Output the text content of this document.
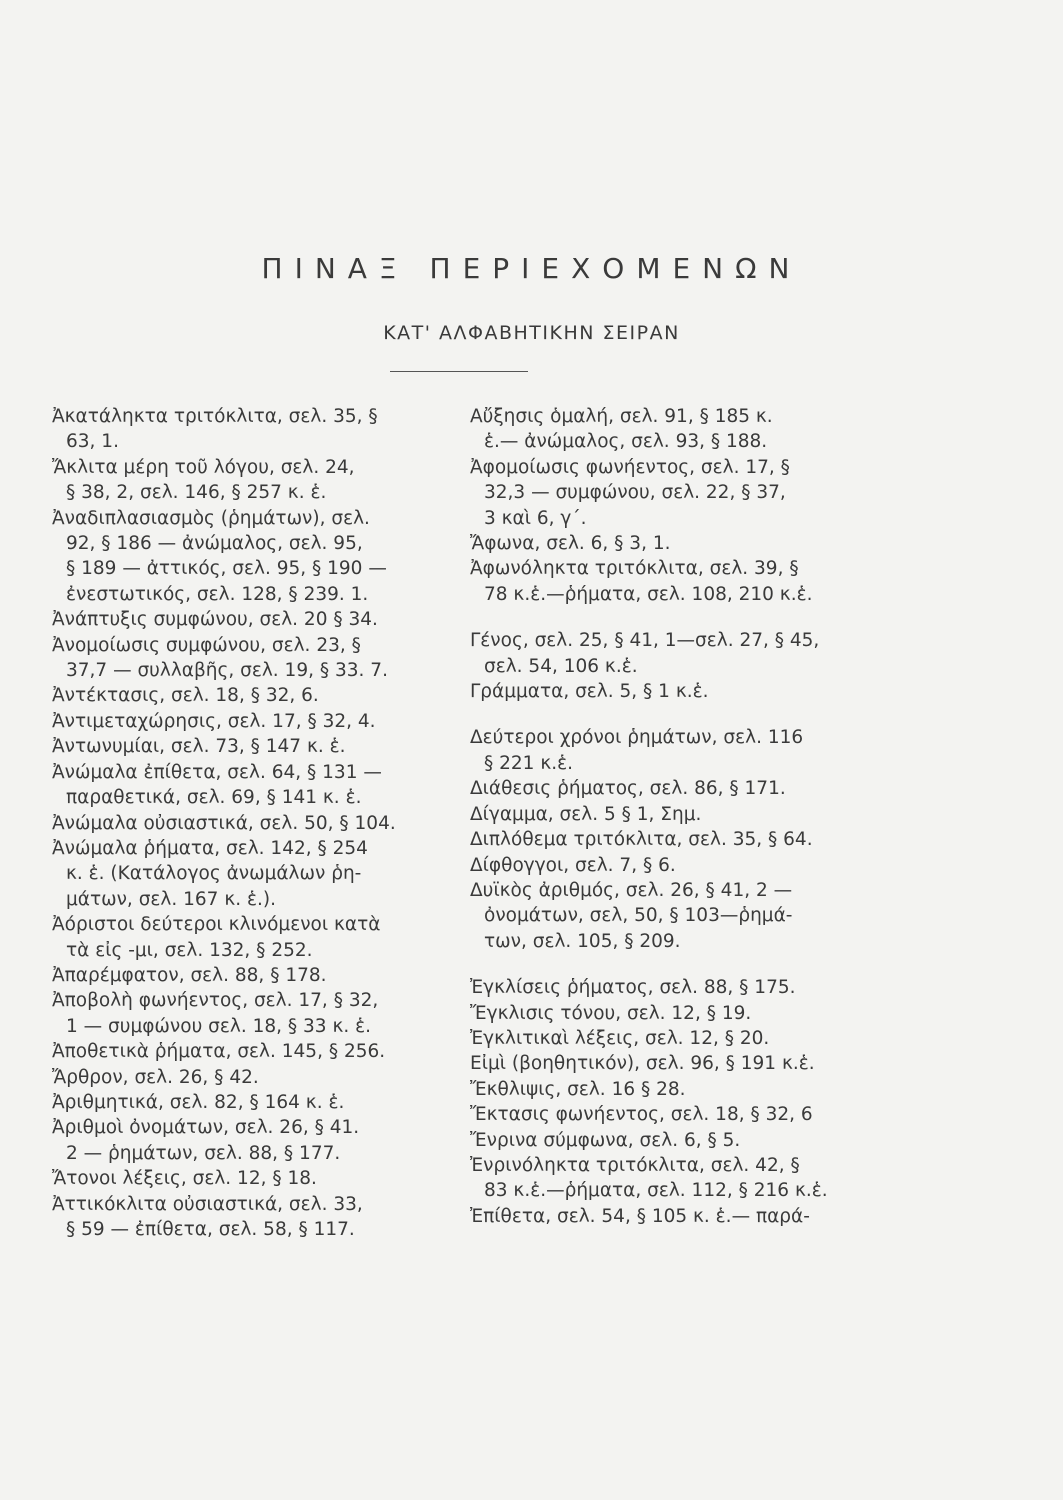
ΠΙΝΑΞ ΠΕΡΙΕΧΟΜΕΝΩΝ
ΚΑΤ' ΑΛΦΑΒΗΤΙΚΗΝ ΣΕΙΡΑΝ
Ἀκατάληκτα τριτόκλιτα, σελ. 35, §
63, 1.
Ἄκλιτα μέρη τοῦ λόγου, σελ. 24,
§ 38, 2, σελ. 146, § 257 κ. ἑ.
Ἀναδιπλασιασμὸς (ῥημάτων), σελ.
92, § 186 — ἀνώμαλος, σελ. 95,
§ 189 — ἀττικός, σελ. 95, § 190 —
ἐνεστωτικός, σελ. 128, § 239. 1.
Ἀνάπτυξις συμφώνου, σελ. 20 § 34.
Ἀνομοίωσις συμφώνου, σελ. 23, §
37,7 — συλλαβῆς, σελ. 19, § 33. 7.
Ἀντέκτασις, σελ. 18, § 32, 6.
Ἀντιμεταχώρησις, σελ. 17, § 32, 4.
Ἀντωνυμίαι, σελ. 73, § 147 κ. ἑ.
Ἀνώμαλα ἐπίθετα, σελ. 64, § 131 —
παραθετικά, σελ. 69, § 141 κ. ἑ.
Ἀνώμαλα οὐσιαστικά, σελ. 50, § 104.
Ἀνώμαλα ῥήματα, σελ. 142, § 254
κ. ἑ. (Κατάλογος ἀνωμάλων ῥη-
μάτων, σελ. 167 κ. ἑ.).
Ἀόριστοι δεύτεροι κλινόμενοι κατὰ
τὰ εἰς -μι, σελ. 132, § 252.
Ἀπαρέμφατον, σελ. 88, § 178.
Ἀποβολὴ φωνήεντος, σελ. 17, § 32,
1 — συμφώνου σελ. 18, § 33 κ. ἑ.
Ἀποθετικὰ ῥήματα, σελ. 145, § 256.
Ἄρθρον, σελ. 26, § 42.
Ἀριθμητικά, σελ. 82, § 164 κ. ἑ.
Ἀριθμοὶ ὀνομάτων, σελ. 26, § 41.
2 — ῥημάτων, σελ. 88, § 177.
Ἄτονοι λέξεις, σελ. 12, § 18.
Ἀττικόκλιτα οὐσιαστικά, σελ. 33,
§ 59 — ἐπίθετα, σελ. 58, § 117.
Αὔξησις ὁμαλή, σελ. 91, § 185 κ.
ἑ.— ἀνώμαλος, σελ. 93, § 188.
Ἀφομοίωσις φωνήεντος, σελ. 17, §
32,3 — συμφώνου, σελ. 22, § 37,
3 καὶ 6, γ΄.
Ἄφωνα, σελ. 6, § 3, 1.
Ἀφωνόληκτα τριτόκλιτα, σελ. 39, §
78 κ.ἑ.—ῥήματα, σελ. 108, 210 κ.ἑ.
Γένος, σελ. 25, § 41, 1—σελ. 27, § 45,
σελ. 54, 106 κ.ἑ.
Γράμματα, σελ. 5, § 1 κ.ἑ.
Δεύτεροι χρόνοι ῥημάτων, σελ. 116
§ 221 κ.ἑ.
Διάθεσις ῥήματος, σελ. 86, § 171.
Δίγαμμα, σελ. 5 § 1, Σημ.
Διπλόθεμα τριτόκλιτα, σελ. 35, § 64.
Δίφθογγοι, σελ. 7, § 6.
Δυϊκὸς ἀριθμός, σελ. 26, § 41, 2 —
ὀνομάτων, σελ, 50, § 103—ῥημά-
των, σελ. 105, § 209.
Ἐγκλίσεις ῥήματος, σελ. 88, § 175.
Ἔγκλισις τόνου, σελ. 12, § 19.
Ἐγκλιτικαὶ λέξεις, σελ. 12, § 20.
Εἰμὶ (βοηθητικόν), σελ. 96, § 191 κ.ἑ.
Ἔκθλιψις, σελ. 16 § 28.
Ἔκτασις φωνήεντος, σελ. 18, § 32, 6
Ἔνρινα σύμφωνα, σελ. 6, § 5.
Ἐνρινόληκτα τριτόκλιτα, σελ. 42, §
83 κ.ἑ.—ῥήματα, σελ. 112, § 216 κ.ἑ.
Ἐπίθετα, σελ. 54, § 105 κ. ἑ.— παρά-
